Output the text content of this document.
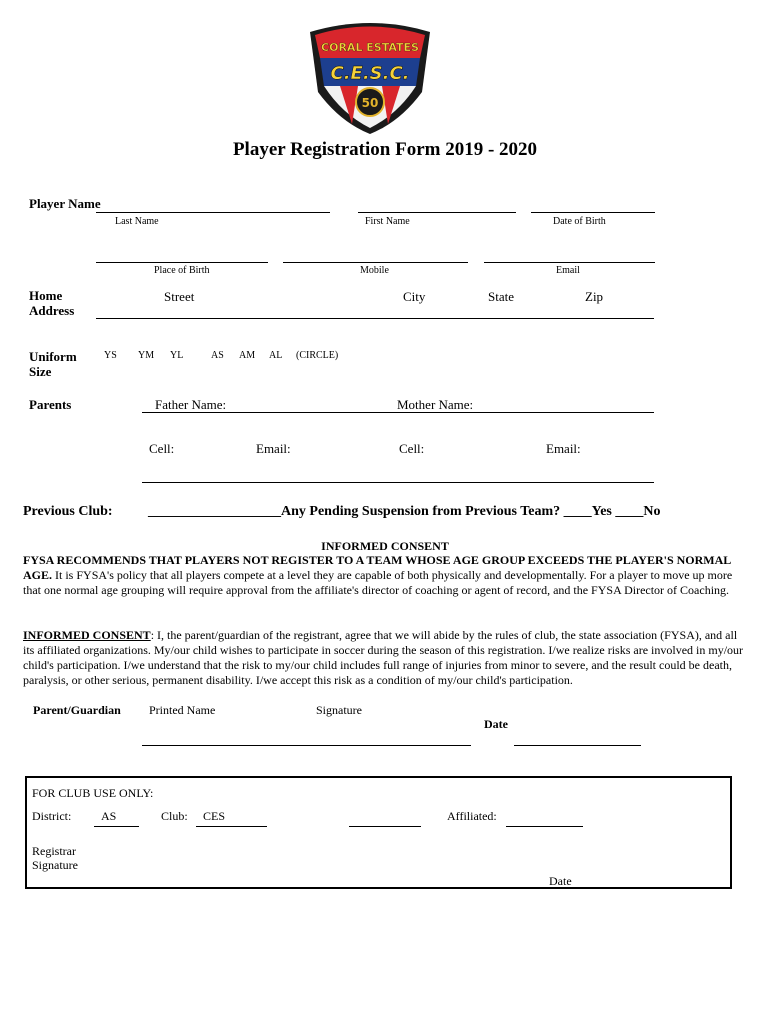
50
CORAL ESTATES
C.E.S.C.
Player Registration Form 2019 - 2020
Player Name
Last Name	First Name	Date of Birth
Place of Birth	Mobile	Email
Home
Address
Street	City	State	Zip
Uniform
Size
YS YM YL	AS AM AL (CIRCLE)
Parents	Father Name:	Mother Name:
Cell:	Email:	Cell:	Email:
Previous Club:	___________________Any Pending Suspension from Previous Team? ____Yes ____No
INFORMED CONSENT
FYSA RECOMMENDS THAT PLAYERS NOT REGISTER TO A TEAM WHOSE AGE GROUP EXCEEDS THE PLAYER'S NORMAL AGE. It is FYSA's policy that all players compete at a level they are capable of both physically and developmentally. For a player to move up more that one normal age grouping will require approval from the affiliate's director of coaching or agent of record, and the FYSA Director of Coaching.
INFORMED CONSENT: I, the parent/guardian of the registrant, agree that we will abide by the rules of club, the state association (FYSA), and all its affiliated organizations. My/our child wishes to participate in soccer during the season of this registration. I/we realize risks are involved in my/our child's participation. I/we understand that the risk to my/our child includes full range of injuries from minor to severe, and the result could be death, paralysis, or other serious, permanent disability. I/we accept this risk as a condition of my/our child's participation.
Parent/Guardian Printed Name	Signature
Date
FOR CLUB USE ONLY:
District: AS	Club: CES	Affiliated:
Registrar
Signature
Date
